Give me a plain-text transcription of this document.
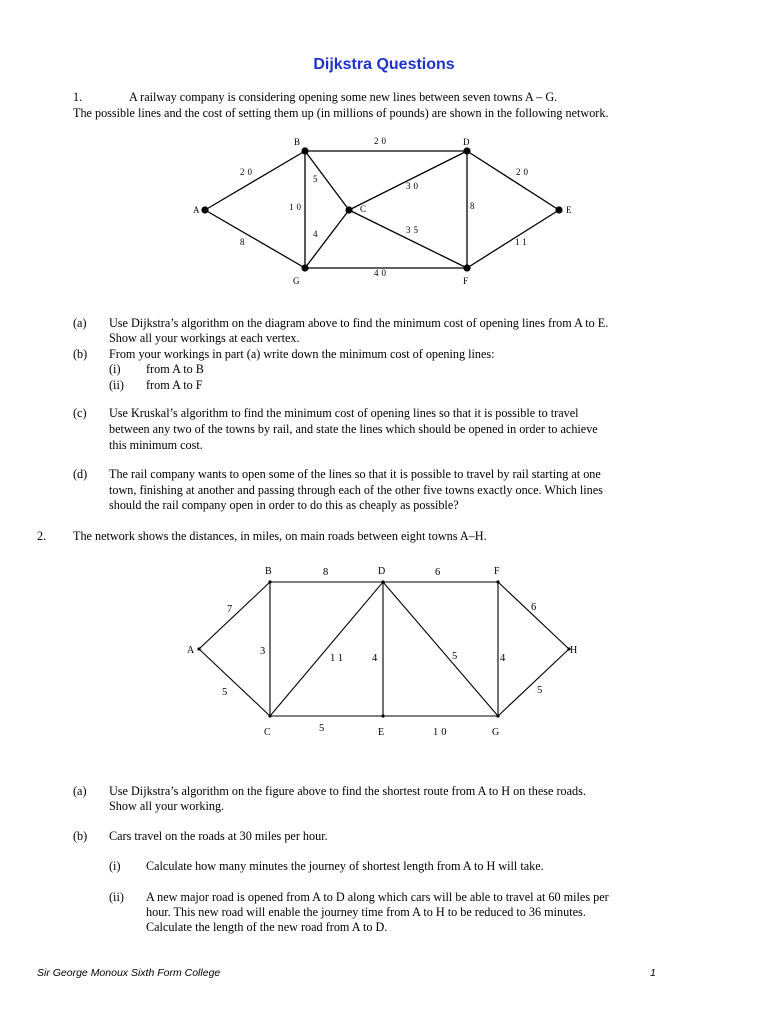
Dijkstra Questions
1.	A railway company is considering opening some new lines between seven towns A – G.
The possible lines and the cost of setting them up (in millions of pounds) are shown in the following network.
A
B
C
D
E
F
G
20
8
20
5
10
4
40
30
35
8
20
11
A
B
C
D
E
F
G
H
7
5
8
3
11 4
5
6
5
10
4
6
5
(a) Use Dijkstra’s algorithm on the diagram above to find the minimum cost of opening lines from A to E.
Show all your workings at each vertex.
(b) From your workings in part (a) write down the minimum cost of opening lines:
(i) from A to B
(ii) from A to F
(c) Use Kruskal’s algorithm to find the minimum cost of opening lines so that it is possible to travel
between any two of the towns by rail, and state the lines which should be opened in order to achieve
this minimum cost.
(d) The rail company wants to open some of the lines so that it is possible to travel by rail starting at one
town, finishing at another and passing through each of the other five towns exactly once. Which lines
should the rail company open in order to do this as cheaply as possible?
2. The network shows the distances, in miles, on main roads between eight towns A–H.
(a) Use Dijkstra’s algorithm on the figure above to find the shortest route from A to H on these roads.
Show all your working.
(b) Cars travel on the roads at 30 miles per hour.
(i) Calculate how many minutes the journey of shortest length from A to H will take.
(ii) A new major road is opened from A to D along which cars will be able to travel at 60 miles per
hour. This new road will enable the journey time from A to H to be reduced to 36 minutes.
Calculate the length of the new road from A to D.
Sir George Monoux Sixth Form College	1
